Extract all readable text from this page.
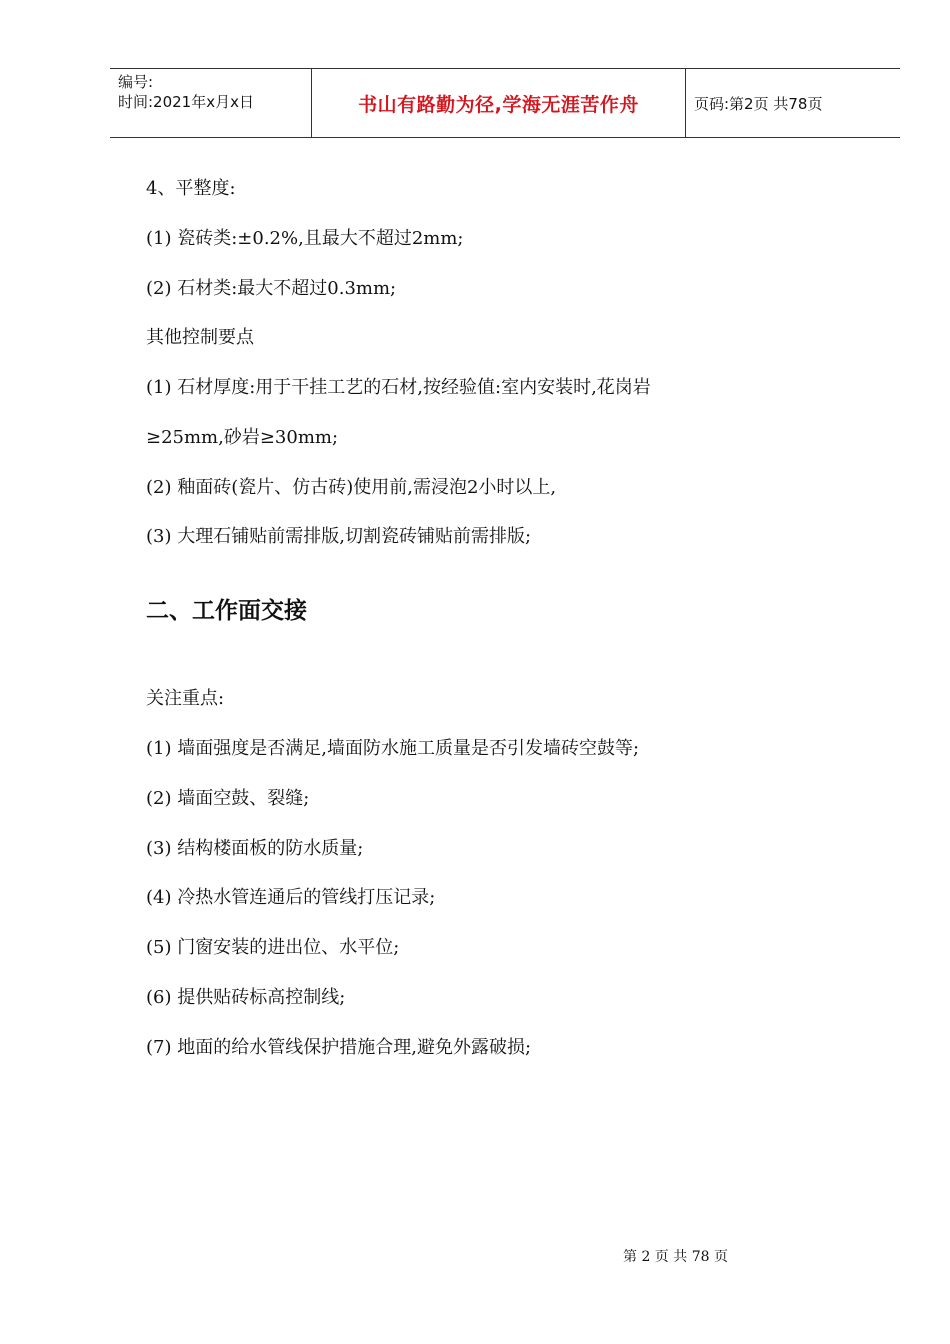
编号:
时间:2021年x月x日	书山有路勤为径,学海无涯苦作舟	页码:第2页 共78页
4、平整度:
(1) 瓷砖类:±0.2%,且最大不超过2mm;
(2) 石材类:最大不超过0.3mm;
其他控制要点
(1) 石材厚度:用于干挂工艺的石材,按经验值:室内安装时,花岗岩
≥25mm,砂岩≥30mm;
(2) 釉面砖(瓷片、仿古砖)使用前,需浸泡2小时以上,
(3) 大理石铺贴前需排版,切割瓷砖铺贴前需排版;
关注重点:
(1) 墙面强度是否满足,墙面防水施工质量是否引发墙砖空鼓等;
(2) 墙面空鼓、裂缝;
(3) 结构楼面板的防水质量;
(4) 冷热水管连通后的管线打压记录;
(5) 门窗安装的进出位、水平位;
(6) 提供贴砖标高控制线;
(7) 地面的给水管线保护措施合理,避免外露破损;
二、工作面交接
第 2 页 共 78 页
